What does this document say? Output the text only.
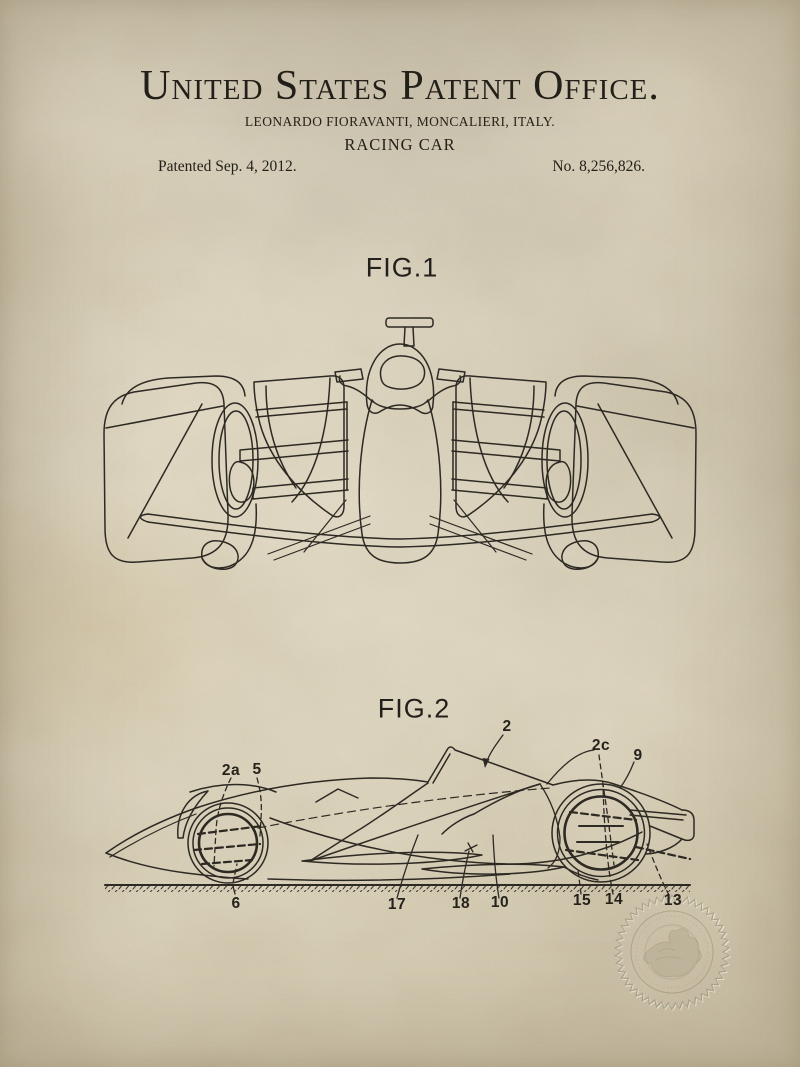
United States Patent Office.
LEONARDO FIORAVANTI, MONCALIERI, ITALY.
RACING CAR
Patented Sep. 4, 2012.	No. 8,256,826.
FIG.1
FIG.2
2
2a 5
2c
9
6	17	18 10	15 14	13
